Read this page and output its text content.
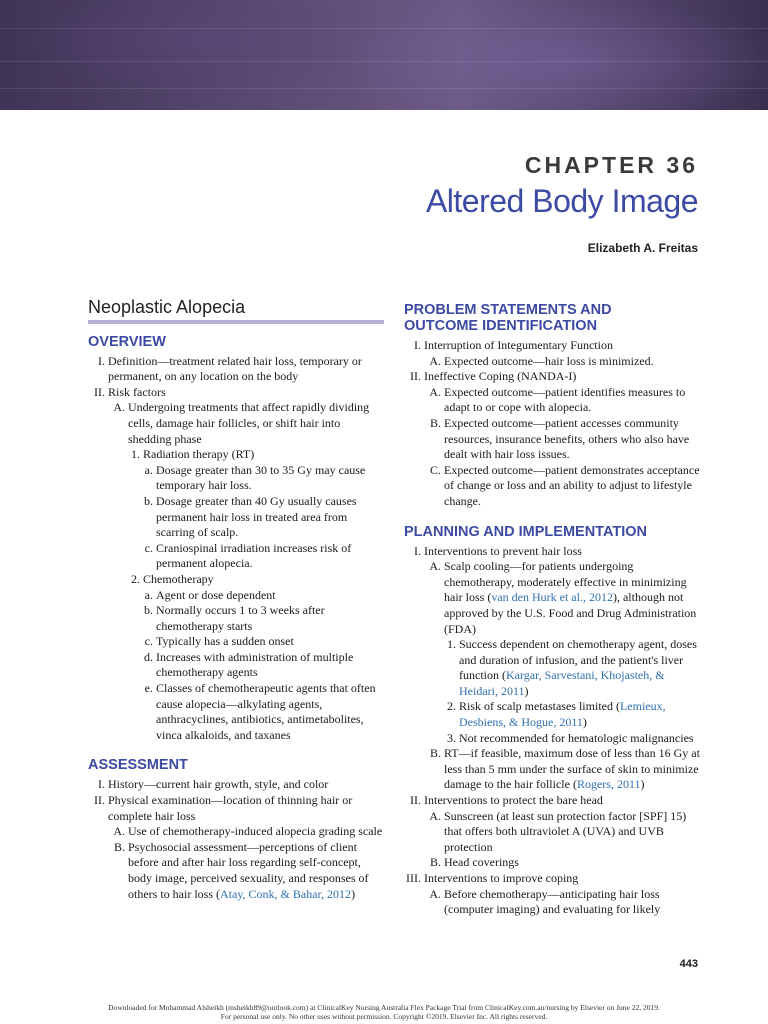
CHAPTER 36
Altered Body Image
Elizabeth A. Freitas
Neoplastic Alopecia
OVERVIEW
I. Definition—treatment related hair loss, temporary or permanent, on any location on the body
II. Risk factors
A. Undergoing treatments that affect rapidly dividing cells, damage hair follicles, or shift hair into shedding phase
1. Radiation therapy (RT)
a. Dosage greater than 30 to 35 Gy may cause temporary hair loss.
b. Dosage greater than 40 Gy usually causes permanent hair loss in treated area from scarring of scalp.
c. Craniospinal irradiation increases risk of permanent alopecia.
2. Chemotherapy
a. Agent or dose dependent
b. Normally occurs 1 to 3 weeks after chemotherapy starts
c. Typically has a sudden onset
d. Increases with administration of multiple chemotherapy agents
e. Classes of chemotherapeutic agents that often cause alopecia—alkylating agents, anthracyclines, antibiotics, antimetabolites, vinca alkaloids, and taxanes
ASSESSMENT
I. History—current hair growth, style, and color
II. Physical examination—location of thinning hair or complete hair loss
A. Use of chemotherapy-induced alopecia grading scale
B. Psychosocial assessment—perceptions of client before and after hair loss regarding self-concept, body image, perceived sexuality, and responses of others to hair loss (Atay, Conk, & Bahar, 2012)
PROBLEM STATEMENTS AND
OUTCOME IDENTIFICATION
I. Interruption of Integumentary Function
A. Expected outcome—hair loss is minimized.
II. Ineffective Coping (NANDA-I)
A. Expected outcome—patient identifies measures to adapt to or cope with alopecia.
B. Expected outcome—patient accesses community resources, insurance benefits, others who also have dealt with hair loss issues.
C. Expected outcome—patient demonstrates acceptance of change or loss and an ability to adjust to lifestyle change.
PLANNING AND IMPLEMENTATION
I. Interventions to prevent hair loss
A. Scalp cooling—for patients undergoing chemotherapy, moderately effective in minimizing hair loss (van den Hurk et al., 2012), although not approved by the U.S. Food and Drug Administration (FDA)
1. Success dependent on chemotherapy agent, doses and duration of infusion, and the patient's liver function (Kargar, Sarvestani, Khojasteh, & Heidari, 2011)
2. Risk of scalp metastases limited (Lemieux, Desbiens, & Hogue, 2011)
3. Not recommended for hematologic malignancies
B. RT—if feasible, maximum dose of less than 16 Gy at less than 5 mm under the surface of skin to minimize damage to the hair follicle (Rogers, 2011)
II. Interventions to protect the bare head
A. Sunscreen (at least sun protection factor [SPF] 15) that offers both ultraviolet A (UVA) and UVB protection
B. Head coverings
III. Interventions to improve coping
A. Before chemotherapy—anticipating hair loss (computer imaging) and evaluating for likely
443
Downloaded for Mohammad Alsheikh (msheikh89@outlook.com) at ClinicalKey Nursing Australia Flex Package Trial from ClinicalKey.com.au/nursing by Elsevier on June 22, 2019.
For personal use only. No other uses without permission. Copyright ©2019. Elsevier Inc. All rights reserved.
